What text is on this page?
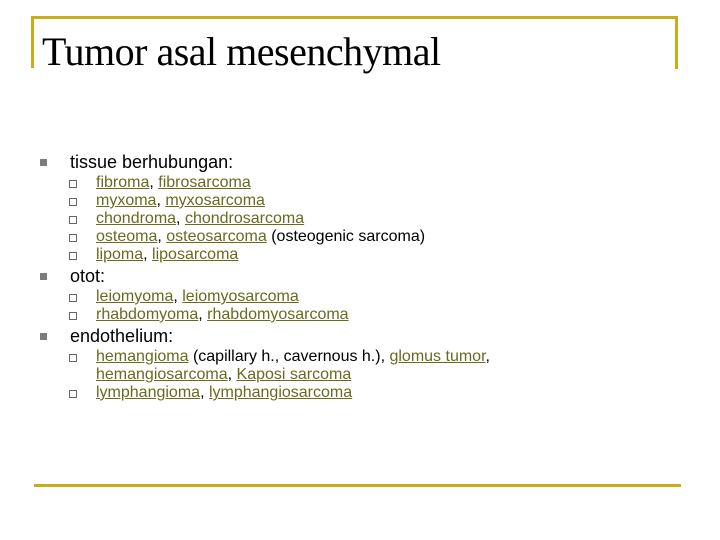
Tumor asal mesenchymal
tissue berhubungan:
fibroma, fibrosarcoma
myxoma, myxosarcoma
chondroma, chondrosarcoma
osteoma, osteosarcoma (osteogenic sarcoma)
lipoma, liposarcoma
otot:
leiomyoma, leiomyosarcoma
rhabdomyoma, rhabdomyosarcoma
endothelium:
hemangioma (capillary h., cavernous h.), glomus tumor,
hemangiosarcoma, Kaposi sarcoma
lymphangioma, lymphangiosarcoma
